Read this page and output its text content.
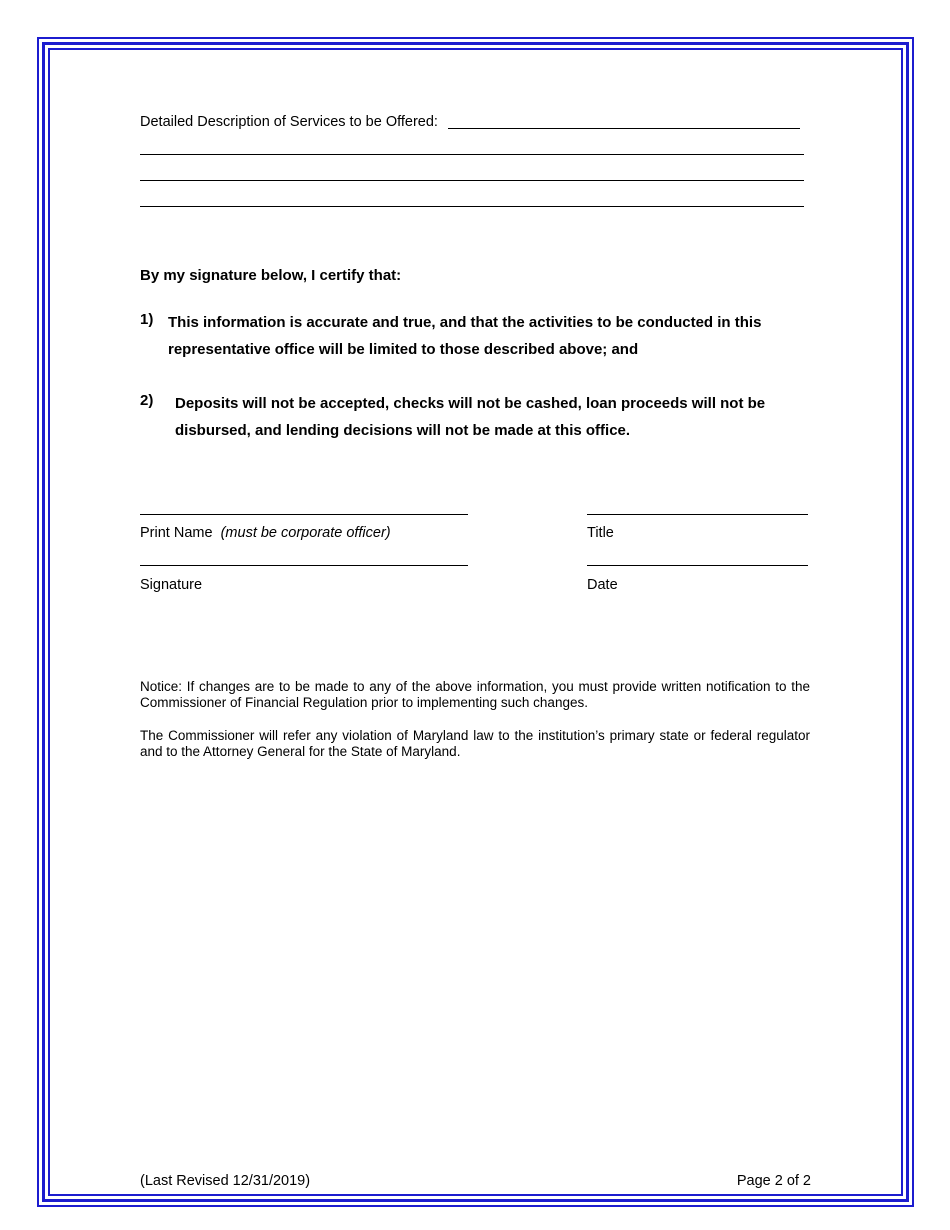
Detailed Description of Services to be Offered:
By my signature below, I certify that:
1) This information is accurate and true, and that the activities to be conducted in this representative office will be limited to those described above; and
2) Deposits will not be accepted, checks will not be cashed, loan proceeds will not be disbursed, and lending decisions will not be made at this office.
Print Name (must be corporate officer)	Title
Signature	Date
Notice: If changes are to be made to any of the above information, you must provide written notification to the Commissioner of Financial Regulation prior to implementing such changes.
The Commissioner will refer any violation of Maryland law to the institution’s primary state or federal regulator and to the Attorney General for the State of Maryland.
(Last Revised 12/31/2019)	Page 2 of 2
